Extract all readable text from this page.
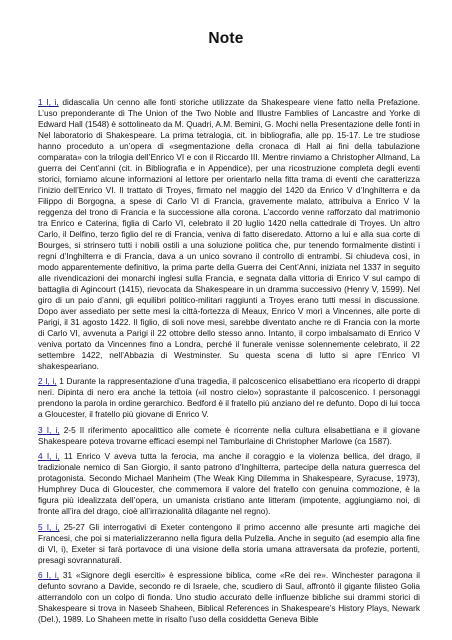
Note

1 I, i, didascalia Un cenno alle fonti storiche utilizzate da Shakespeare viene fatto nella Prefazione. L’uso preponderante di The Union of the Two Noble and Illustre Famblies of Lancastre and Yorke di Edward Hall (1548) è sottolineato da M. Quadri, A.M. Bemini, G. Mochi nella Presentazione delle fonti in Nel laboratorio di Shakespeare. La prima tetralogia, cit. in bibliografia, alle pp. 15-17. Le tre studiose hanno proceduto a un’opera di «segmentazione della cronaca di Hall ai fini della tabulazione comparata» con la trilogia dell’Enrico VI e con il Riccardo III. Mentre rinviamo a Christopher Allmand, La guerra dei Cent’anni (cit. in Bibliografia e in Appendice), per una ricostruzione completa degli eventi storici, forniamo alcune informazioni al lettore per orientarlo nella fitta trama di eventi che caratterizza l’inizio dell’Enrico VI. Il trattato di Troyes, firmato nel maggio del 1420 da Enrico V d’Inghilterra e da Filippo di Borgogna, a spese di Carlo VI di Francia, gravemente malato, attribuiva a Enrico V la reggenza del trono di Francia e la successione alla corona. L’accordo venne rafforzato dal matrimonio tra Enrico e Caterina, figlia di Carlo VI, celebrato il 20 luglio 1420 nella cattedrale di Troyes. Un altro Carlo, il Delfino, terzo figlio del re di Francia, veniva di fatto diseredato. Attorno a lui e alla sua corte di Bourges, si strinsero tutti i nobili ostili a una soluzione politica che, pur tenendo formalmente distinti i regni d’Inghilterra e di Francia, dava a un unico sovrano il controllo di entrambi. Si chiudeva così, in modo apparentemente definitivo, la prima parte della Guerra dei Cent’Anni, iniziata nel 1337 in seguito alle rivendicazioni dei monarchi inglesi sulla Francia, e segnata dalla vittoria di Enrico V sul campo di battaglia di Agincourt (1415), rievocata da Shakespeare in un dramma successivo (Henry V, 1599). Nel giro di un paio d’anni, gli equilibri politico-militari raggiunti a Troyes erano tutti messi in discussione. Dopo aver assediato per sette mesi la città-fortezza di Meaux, Enrico V morì a Vincennes, alle porte di Parigi, il 31 agosto 1422. Il figlio, di soli nove mesi, sarebbe diventato anche re di Francia con la morte di Carlo VI, avvenuta a Parigi il 22 ottobre dello stesso anno. Intanto, il corpo imbalsamato di Enrico V veniva portato da Vincennes fino a Londra, perché il funerale venisse solennemente celebrato, il 22 settembre 1422, nell’Abbazia di Westminster. Su questa scena di lutto si apre l’Enrico VI shakespeariano.

2 I, i, 1 Durante la rappresentazione d’una tragedia, il palcoscenico elisabettiano era ricoperto di drappi neri. Dipinta di nero era anche la tettoia («il nostro cielo») soprastante il palcoscenico. I personaggi prendono la parola in ordine gerarchico. Bedford è il fratello più anziano del re defunto. Dopo di lui tocca a Gloucester, il fratello più giovane di Enrico V.

3 I, i, 2-5 Il riferimento apocalittico alle comete è ricorrente nella cultura elisabettiana e il giovane Shakespeare poteva trovarne efficaci esempi nel Tamburlaine di Christopher Marlowe (ca 1587).

4 I, i, 11 Enrico V aveva tutta la ferocia, ma anche il coraggio e la violenza bellica, del drago, il tradizionale nemico di San Giorgio, il santo patrono d’Inghilterra, partecipe della natura guerresca del protagonista. Secondo Michael Manheim (The Weak King Dilemma in Shakespeare, Syracuse, 1973), Humphrey Duca di Gloucester, che commemora il valore del fratello con genuina commozione, è la figura più idealizzata dell’opera, un umanista cristiano ante litteram (impotente, aggiungiamo noi, di fronte all’ira del drago, cioè all’irrazionalità dilagante nel regno).

5 I, i, 25-27 Gli interrogativi di Exeter contengono il primo accenno alle presunte arti magiche dei Francesi, che poi si materializzeranno nella figura della Pulzella. Anche in seguito (ad esempio alla fine di VI, i), Exeter si farà portavoce di una visione della storia umana attraversata da profezie, portenti, presagi sovrannaturali.

6 I, i, 31 «Signore degli eserciti» è espressione biblica, come «Re dei re». Winchester paragona il defunto sovrano a Davide, secondo re di Israele, che, scudiero di Saul, affrontò il gigante filisteo Golia atterrandolo con un colpo di fionda. Uno studio accurato delle influenze bibliche sui drammi storici di Shakespeare si trova in Naseeb Shaheen, Biblical References in Shakespeare’s History Plays, Newark (Del.), 1989. Lo Shaheen mette in risalto l’uso della cosiddetta Geneva Bible
